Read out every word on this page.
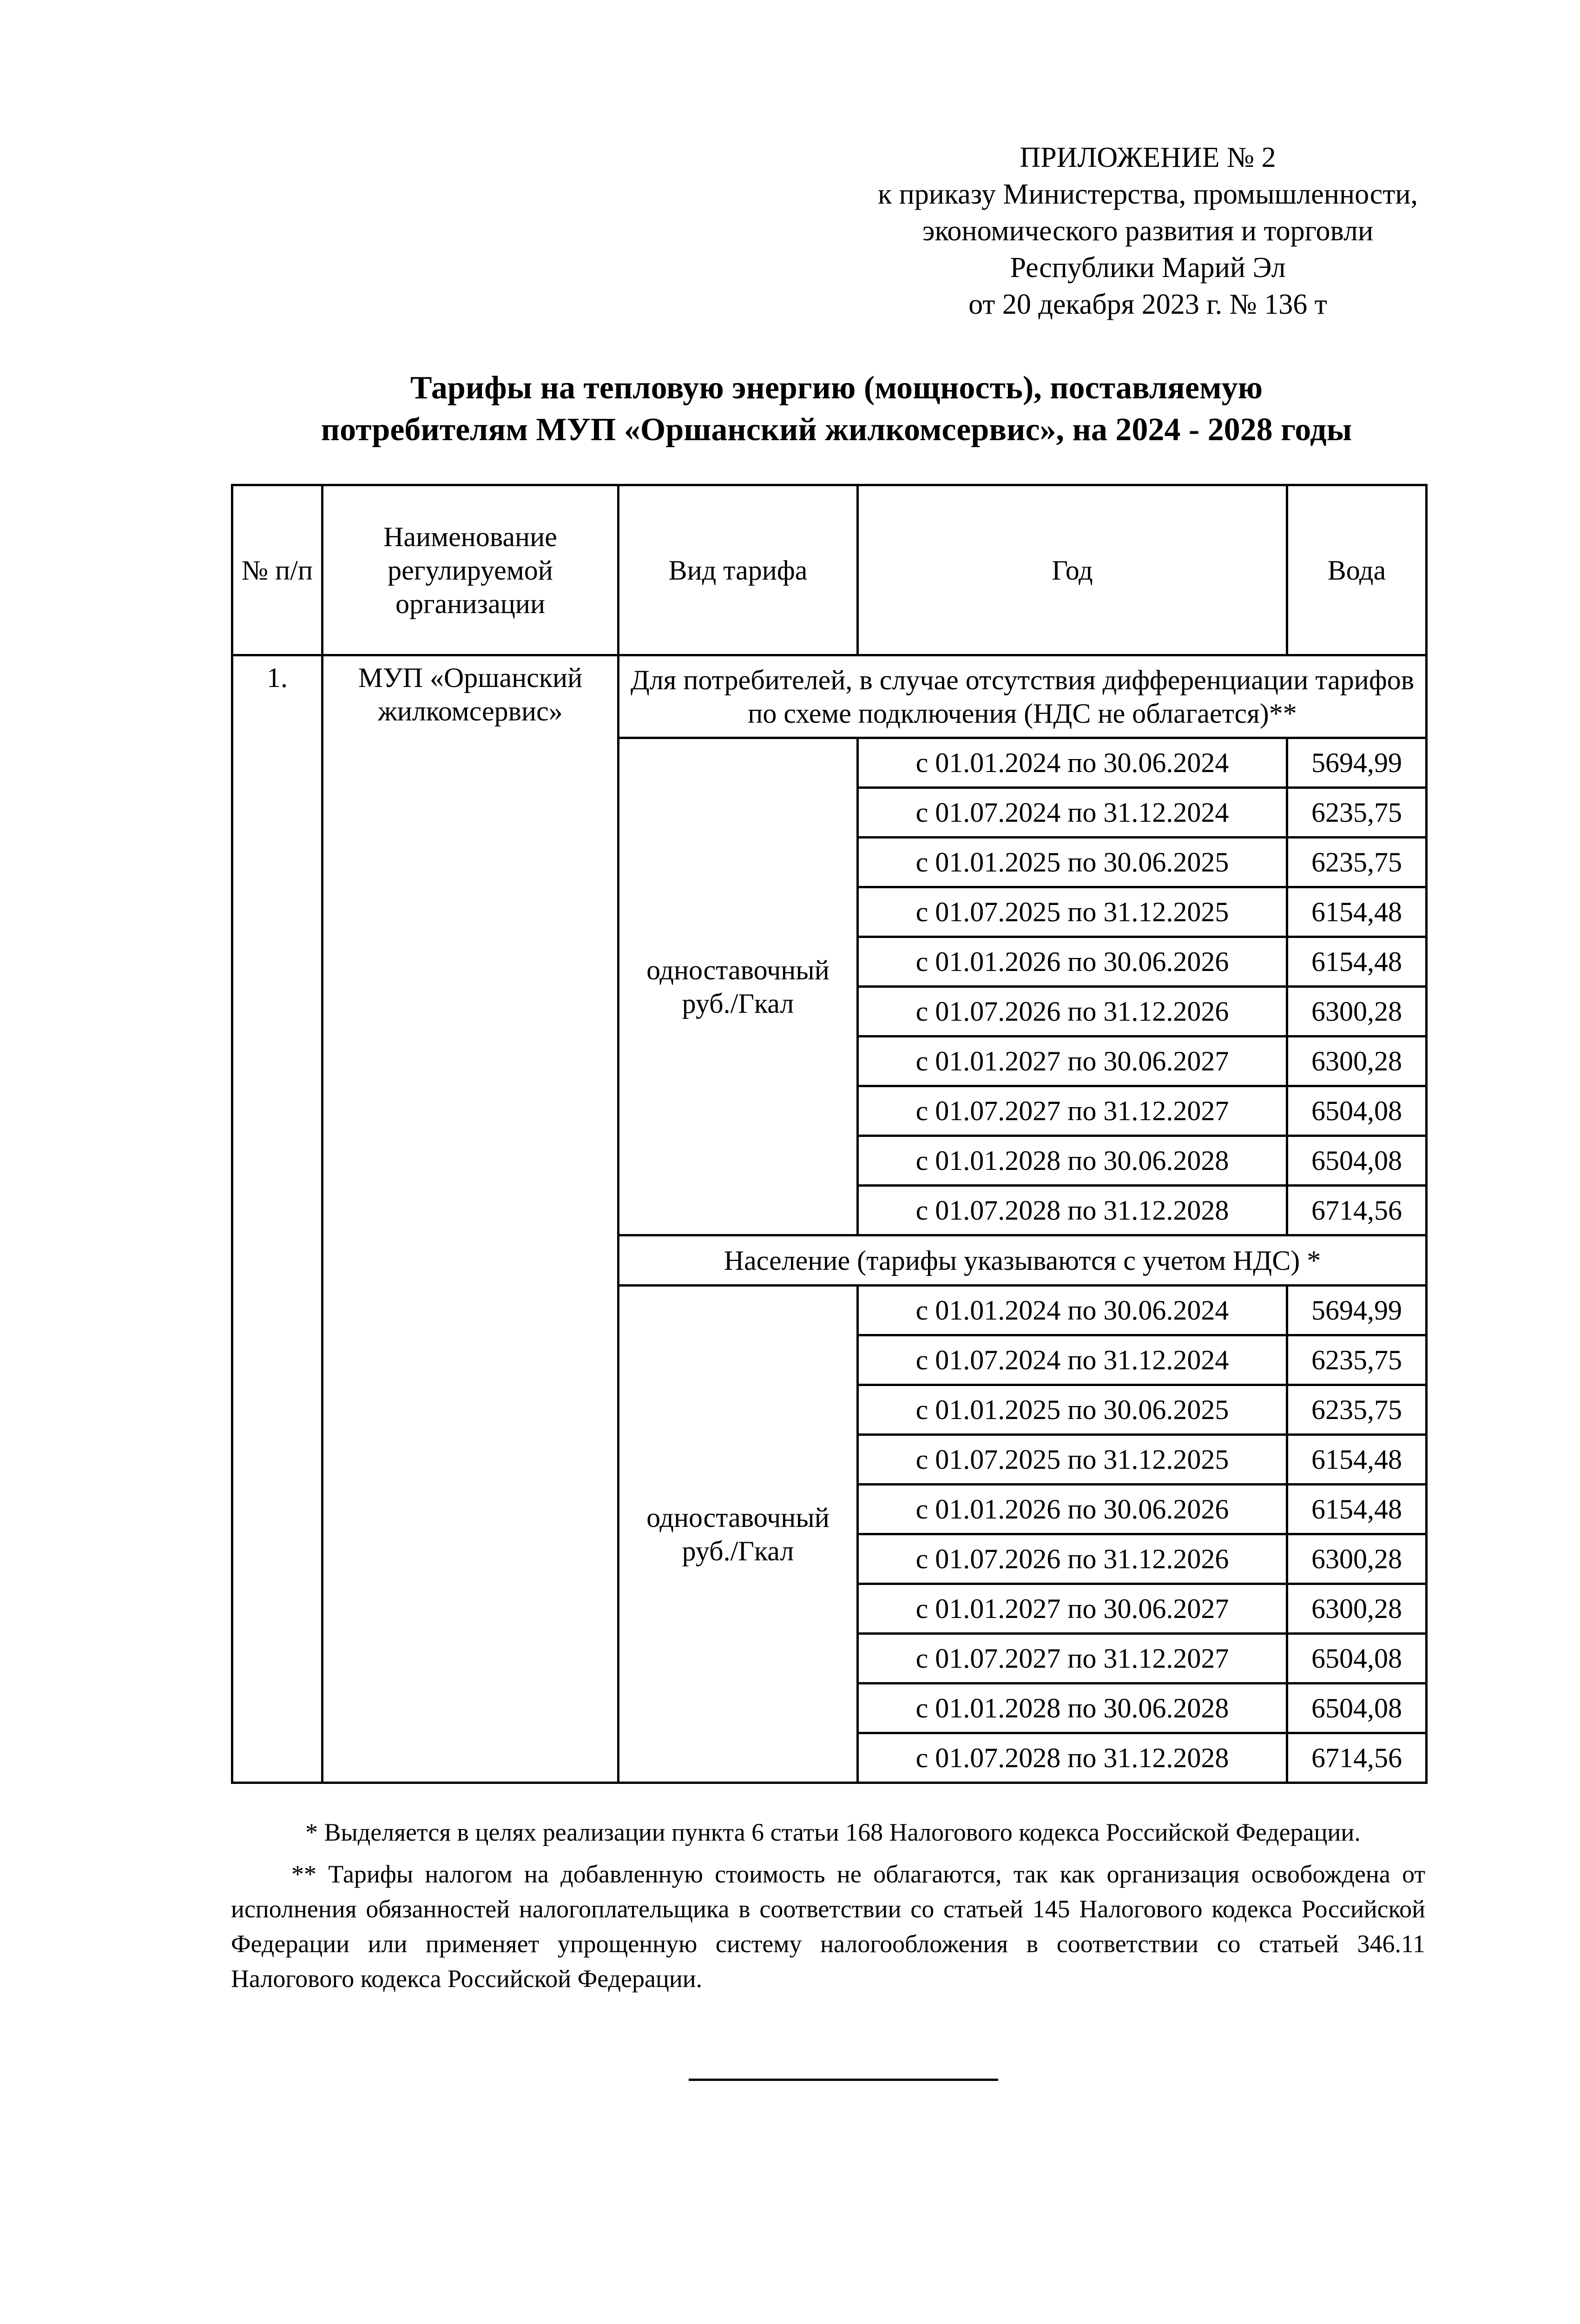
ПРИЛОЖЕНИЕ № 2
к приказу Министерства, промышленности,
экономического развития и торговли
Республики Марий Эл
от 20 декабря 2023 г. № 136 т
Тарифы на тепловую энергию (мощность), поставляемую
потребителям МУП «Оршанский жилкомсервис», на 2024 - 2028 годы
№ п/п	Наименование регулируемой организации	Вид тарифа	Год	Вода
1.	МУП «Оршанский жилкомсервис»	Для потребителей, в случае отсутствия дифференциации тарифов по схеме подключения (НДС не облагается)**		
		одноставочный руб./Гкал	с 01.01.2024 по 30.06.2024	5694,99
			с 01.07.2024 по 31.12.2024	6235,75
			с 01.01.2025 по 30.06.2025	6235,75
			с 01.07.2025 по 31.12.2025	6154,48
			с 01.01.2026 по 30.06.2026	6154,48
			с 01.07.2026 по 31.12.2026	6300,28
			с 01.01.2027 по 30.06.2027	6300,28
			с 01.07.2027 по 31.12.2027	6504,08
			с 01.01.2028 по 30.06.2028	6504,08
			с 01.07.2028 по 31.12.2028	6714,56
		Население (тарифы указываются с учетом НДС) *		
		одноставочный руб./Гкал	с 01.01.2024 по 30.06.2024	5694,99
			с 01.07.2024 по 31.12.2024	6235,75
			с 01.01.2025 по 30.06.2025	6235,75
			с 01.07.2025 по 31.12.2025	6154,48
			с 01.01.2026 по 30.06.2026	6154,48
			с 01.07.2026 по 31.12.2026	6300,28
			с 01.01.2027 по 30.06.2027	6300,28
			с 01.07.2027 по 31.12.2027	6504,08
			с 01.01.2028 по 30.06.2028	6504,08
			с 01.07.2028 по 31.12.2028	6714,56
* Выделяется в целях реализации пункта 6 статьи 168 Налогового кодекса Российской Федерации.
** Тарифы налогом на добавленную стоимость не облагаются, так как организация освобождена от исполнения обязанностей налогоплательщика в соответствии со статьей 145 Налогового кодекса Российской Федерации или применяет упрощенную систему налогообложения в соответствии со статьей 346.11 Налогового кодекса Российской Федерации.
